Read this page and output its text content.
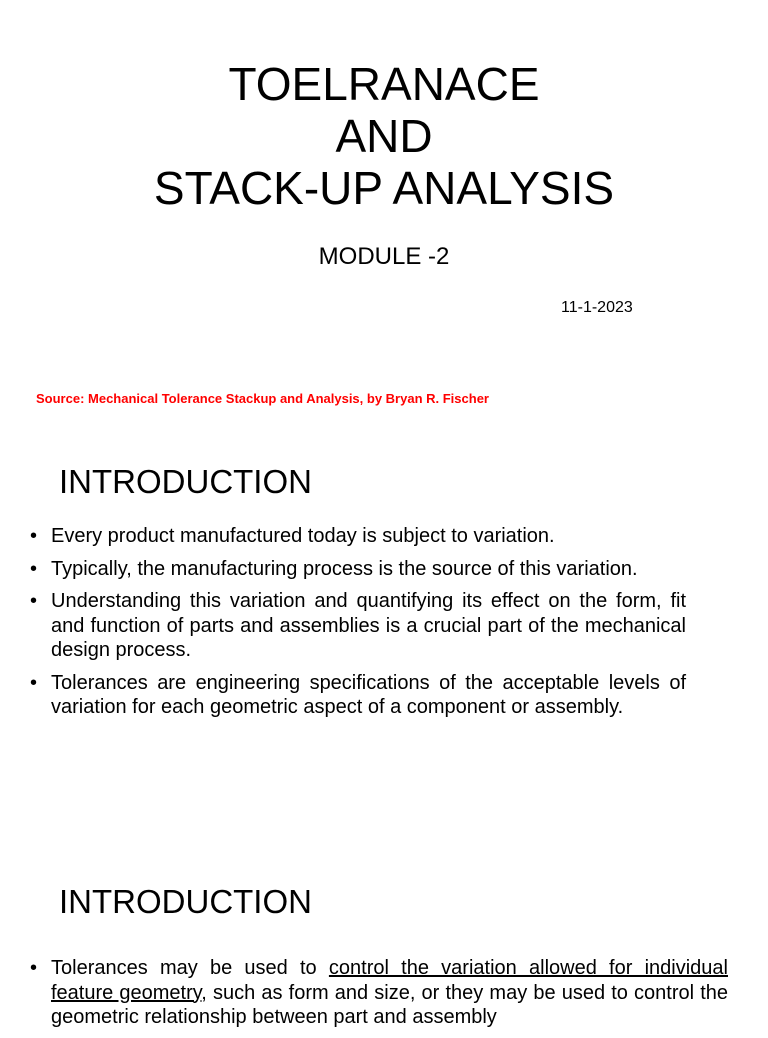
TOELRANACE
AND
STACK-UP ANALYSIS
MODULE -2
11-1-2023
Source: Mechanical Tolerance Stackup and Analysis, by Bryan R. Fischer
INTRODUCTION
• Every product manufactured today is subject to variation.
• Typically, the manufacturing process is the source of this variation.
• Understanding this variation and quantifying its effect on the form, fit and function of parts and assemblies is a crucial part of the mechanical design process.
• Tolerances are engineering specifications of the acceptable levels of variation for each geometric aspect of a component or assembly.
INTRODUCTION
• Tolerances may be used to control the variation allowed for individual feature geometry, such as form and size, or they may be used to control the geometric relationship between part and assembly
